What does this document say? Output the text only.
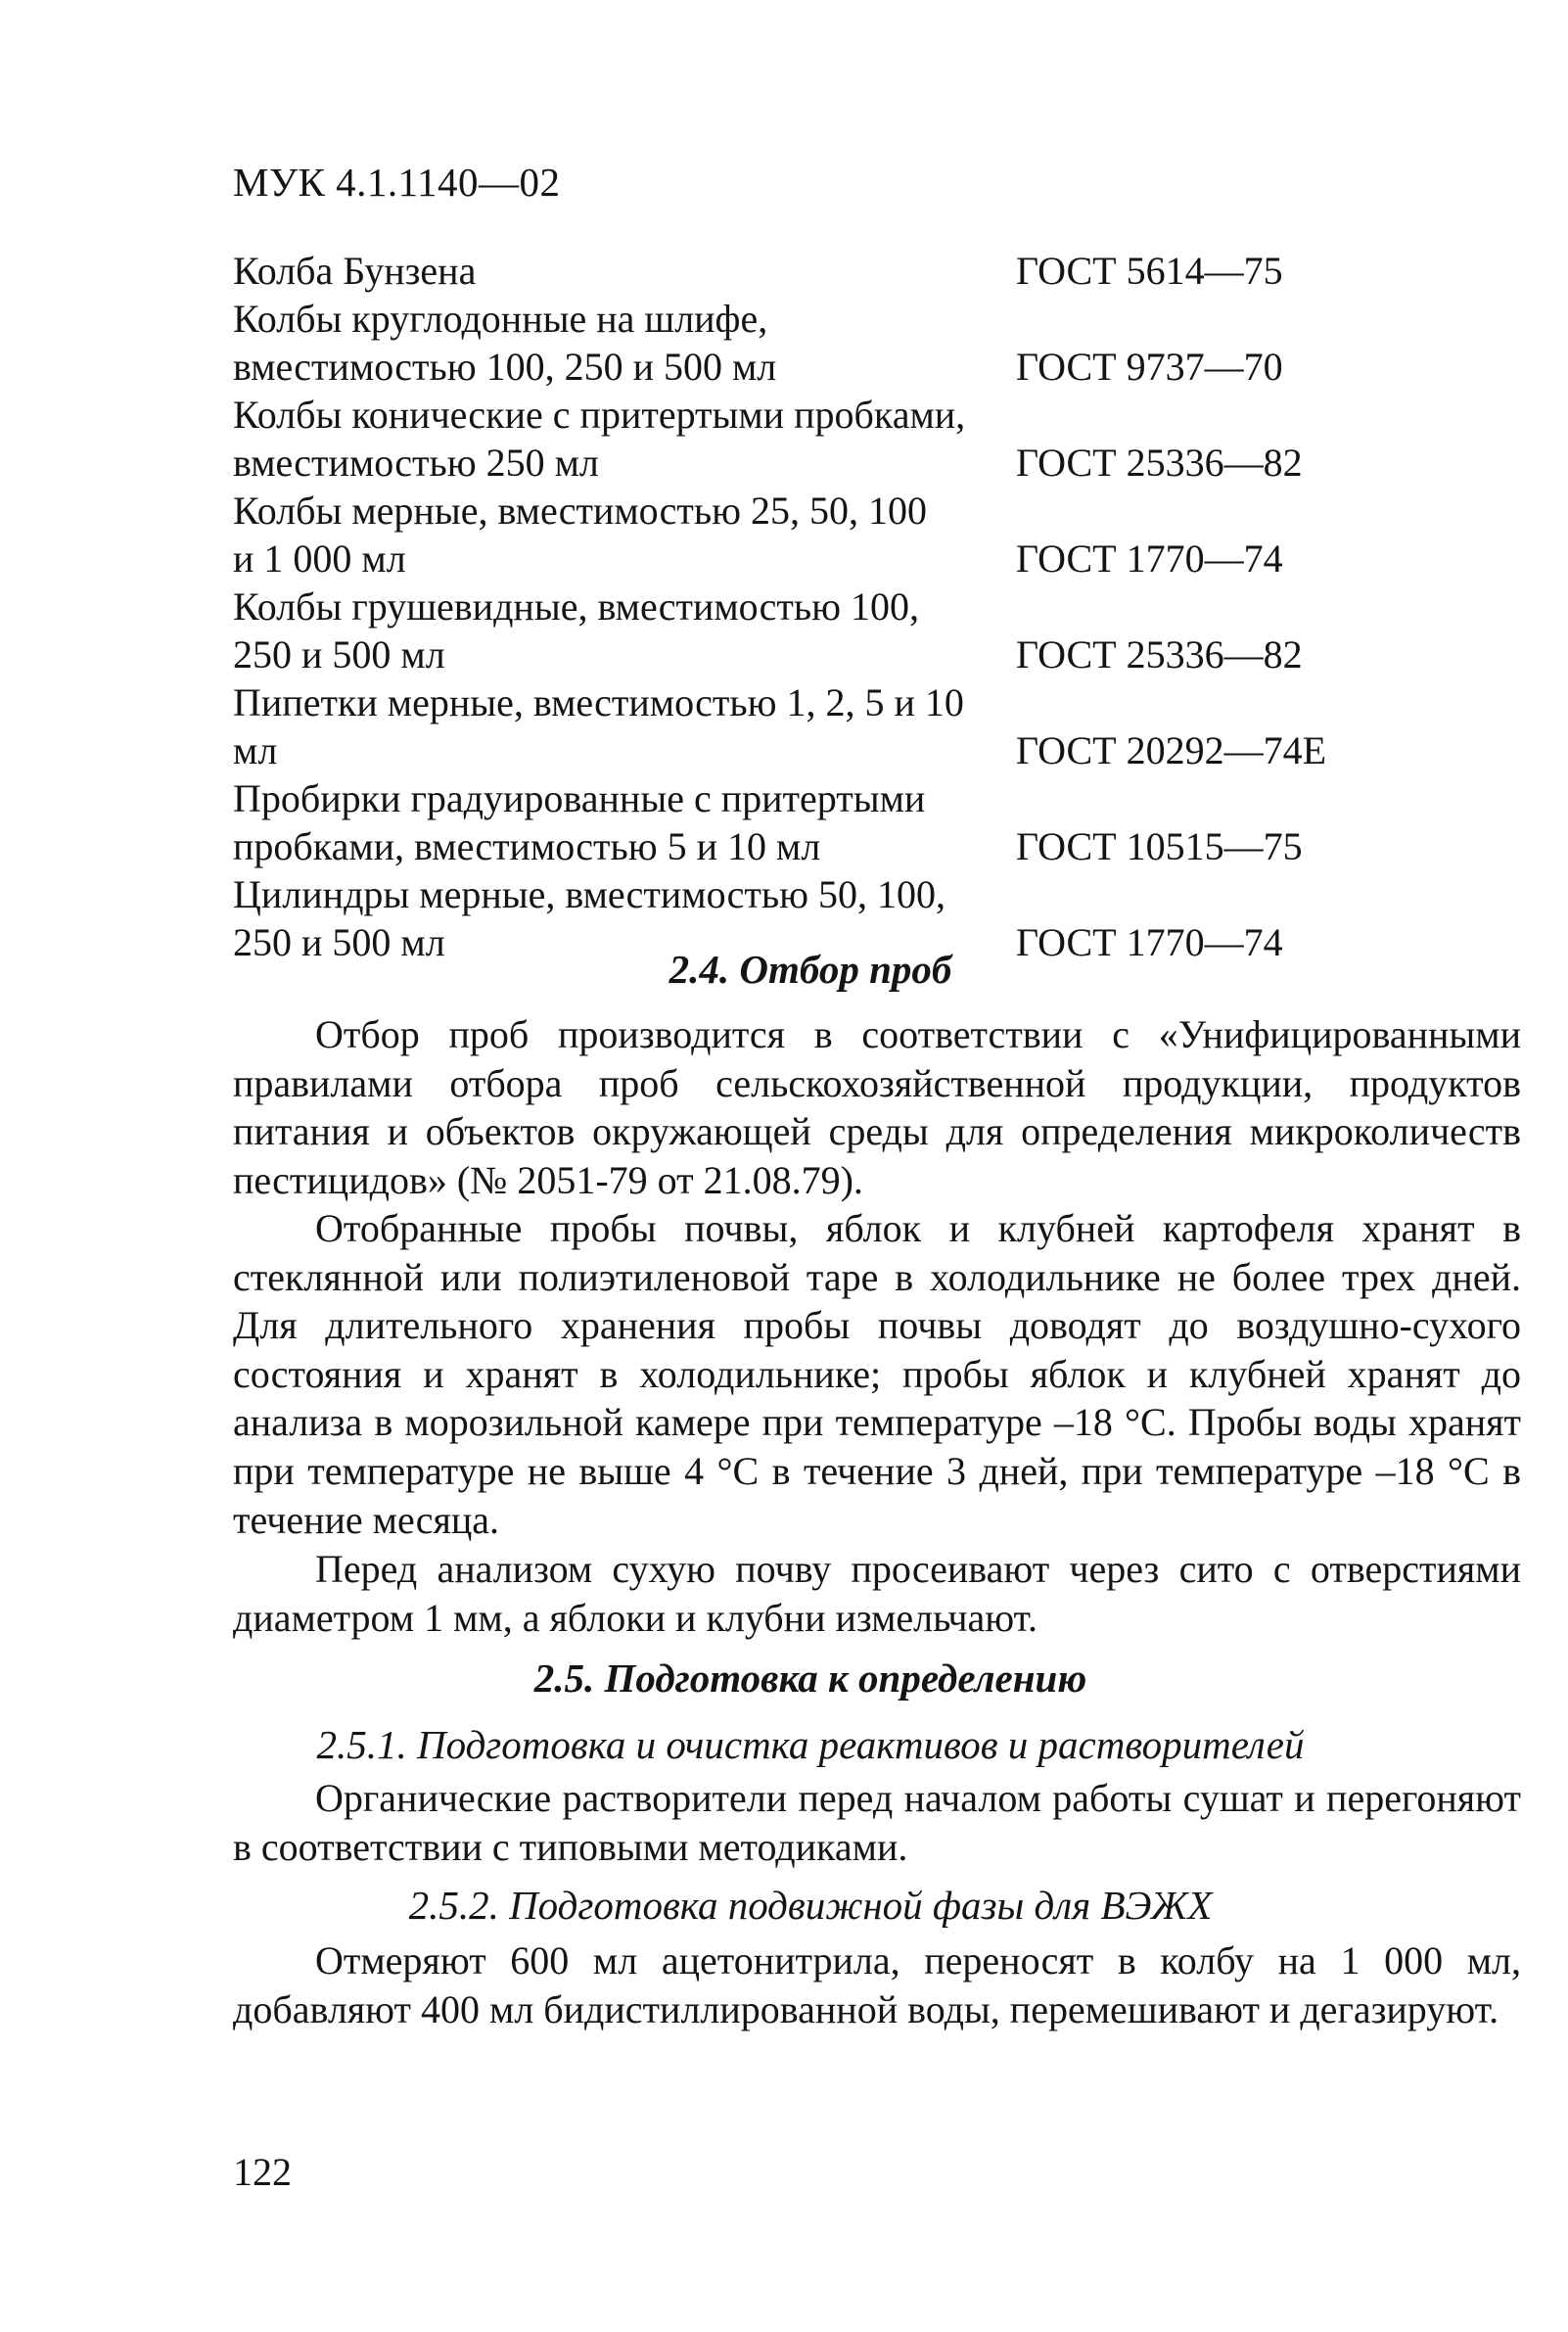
МУК 4.1.1140—02
Колба Бунзена	ГОСТ 5614—75
Колбы круглодонные на шлифе,
вместимостью 100, 250 и 500 мл	ГОСТ 9737—70
Колбы конические с притертыми пробками,
вместимостью 250 мл	ГОСТ 25336—82
Колбы мерные, вместимостью 25, 50, 100
и 1 000 мл	ГОСТ 1770—74
Колбы грушевидные, вместимостью 100,
250 и 500 мл	ГОСТ 25336—82
Пипетки мерные, вместимостью 1, 2, 5 и 10 мл	ГОСТ 20292—74Е
Пробирки градуированные с притертыми
пробками, вместимостью 5 и 10 мл	ГОСТ 10515—75
Цилиндры мерные, вместимостью 50, 100,
250 и 500 мл	ГОСТ 1770—74
2.4. Отбор проб

Отбор проб производится в соответствии с «Унифицированными правилами отбора проб сельскохозяйственной продукции, продуктов питания и объектов окружающей среды для определения микроколичеств пестицидов» (№ 2051-79 от 21.08.79).

Отобранные пробы почвы, яблок и клубней картофеля хранят в стеклянной или полиэтиленовой таре в холодильнике не более трех дней. Для длительного хранения пробы почвы доводят до воздушно-сухого состояния и хранят в холодильнике; пробы яблок и клубней хранят до анализа в морозильной камере при температуре –18 °С. Пробы воды хранят при температуре не выше 4 °С в течение 3 дней, при температуре –18 °С в течение месяца.

Перед анализом сухую почву просеивают через сито с отверстиями диаметром 1 мм, а яблоки и клубни измельчают.

2.5. Подготовка к определению
2.5.1. Подготовка и очистка реактивов и растворителей

Органические растворители перед началом работы сушат и перегоняют в соответствии с типовыми методиками.

2.5.2. Подготовка подвижной фазы для ВЭЖХ

Отмеряют 600 мл ацетонитрила, переносят в колбу на 1 000 мл, добавляют 400 мл бидистиллированной воды, перемешивают и дегазируют.

122
